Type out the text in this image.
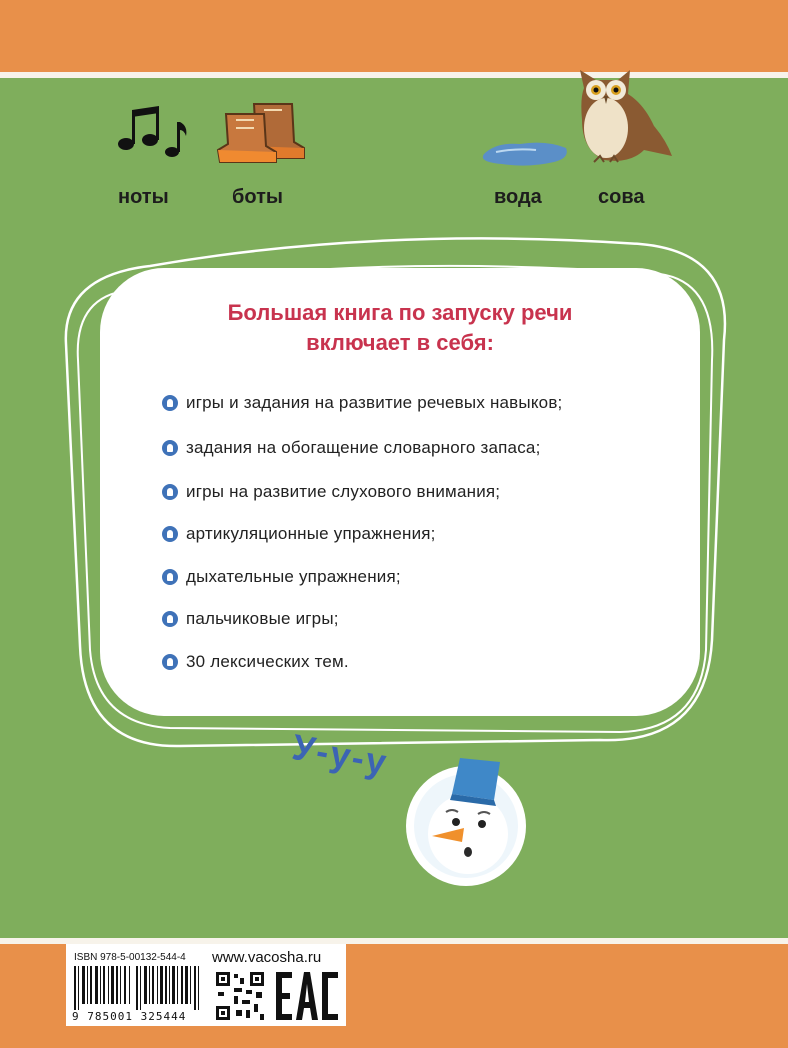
ноты	боты	вода	сова
Большая книга по запуску речи
включает в себя:
игры и задания на развитие речевых навыков;
задания на обогащение словарного запаса;
игры на развитие слухового внимания;
артикуляционные упражнения;
дыхательные упражнения;
пальчиковые игры;
30 лексических тем.
У-у-у
ISBN 978-5-00132-544-4 www.vacosha.ru
9 785001 325444
